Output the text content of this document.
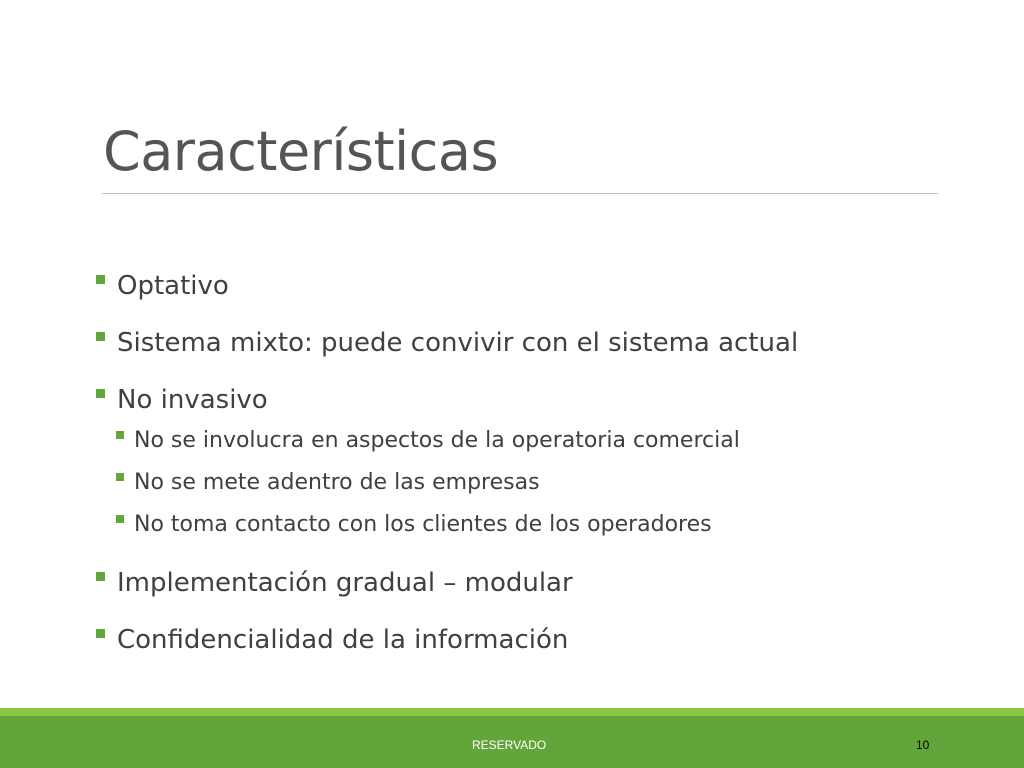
Características
Optativo
Sistema mixto: puede convivir con el sistema actual
No invasivo
No se involucra en aspectos de la operatoria comercial
No se mete adentro de las empresas
No toma contacto con los clientes de los operadores
Implementación gradual – modular
Confidencialidad de la información
RESERVADO	10
